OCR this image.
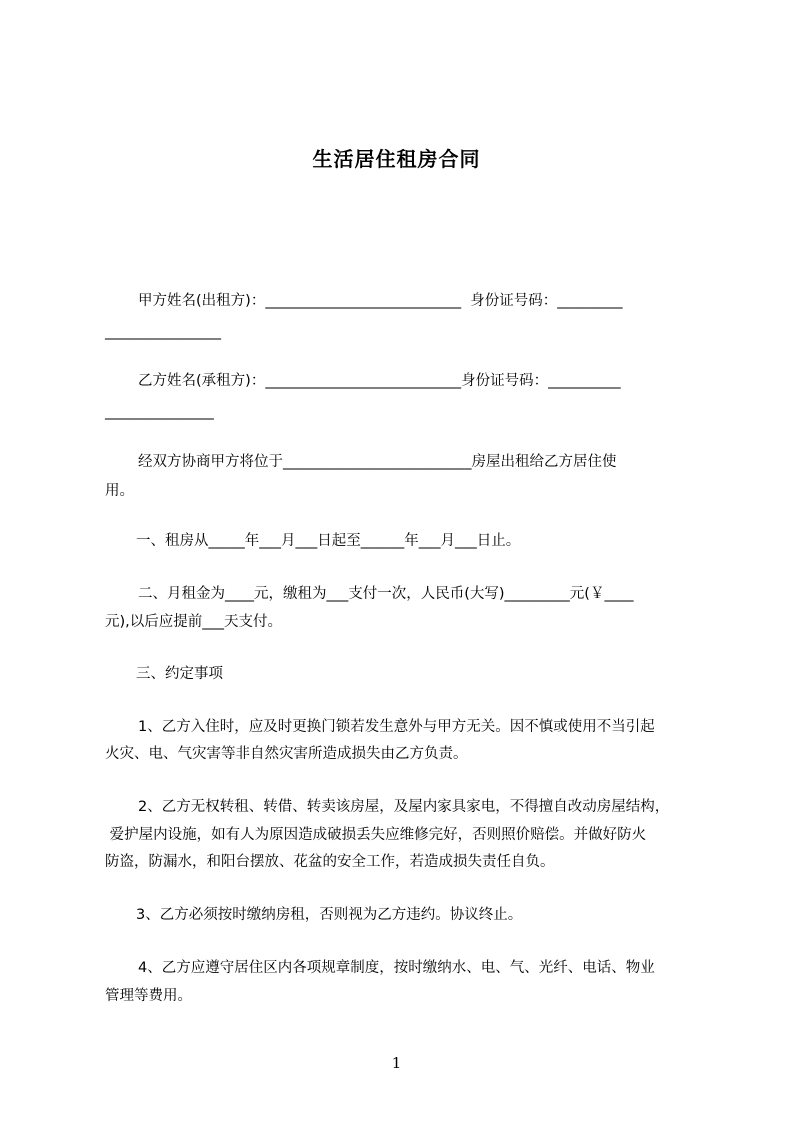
生活居住租房合同
甲方姓名(出租方)：___________________________  身份证号码：_________
________________
乙方姓名(承租方)：___________________________身份证号码：__________
_______________
经双方协商甲方将位于__________________________房屋出租给乙方居住使
用。
一、租房从_____年___月___日起至______年___月___日止。
二、月租金为____元，缴租为___支付一次，人民币(大写)_________元(￥____
元),以后应提前___天支付。
三、约定事项
1、乙方入住时，应及时更换门锁若发生意外与甲方无关。因不慎或使用不当引起
火灾、电、气灾害等非自然灾害所造成损失由乙方负责。
2、乙方无权转租、转借、转卖该房屋，及屋内家具家电，不得擅自改动房屋结构，
爱护屋内设施，如有人为原因造成破损丢失应维修完好，否则照价赔偿。并做好防火
防盗，防漏水，和阳台摆放、花盆的安全工作，若造成损失责任自负。
3、乙方必须按时缴纳房租，否则视为乙方违约。协议终止。
4、乙方应遵守居住区内各项规章制度，按时缴纳水、电、气、光纤、电话、物业
管理等费用。
1
